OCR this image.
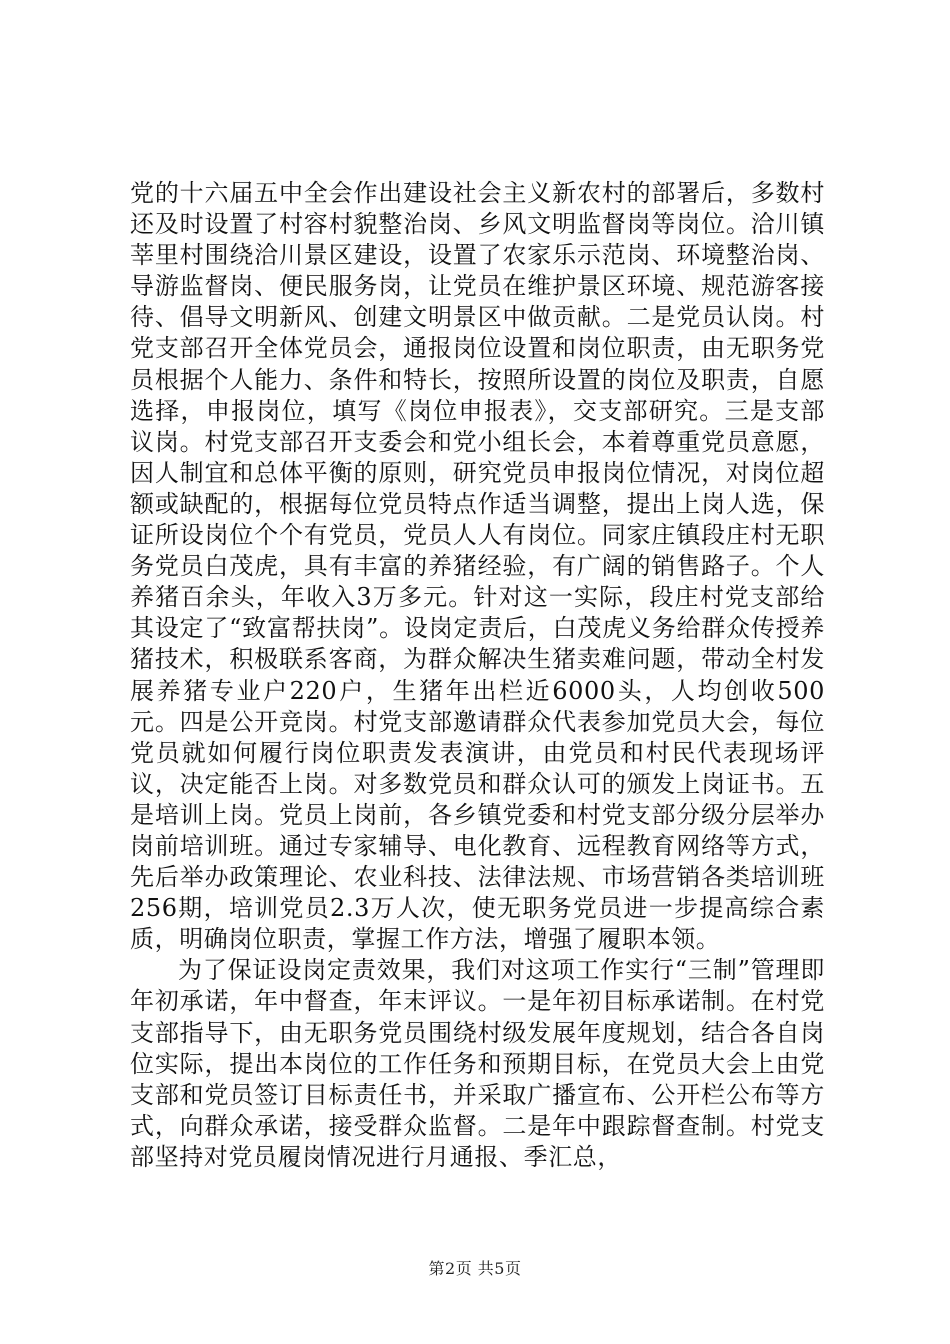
党的十六届五中全会作出建设社会主义新农村的部署后，多数村还及时设置了村容村貌整治岗、乡风文明监督岗等岗位。洽川镇莘里村围绕洽川景区建设，设置了农家乐示范岗、环境整治岗、导游监督岗、便民服务岗，让党员在维护景区环境、规范游客接待、倡导文明新风、创建文明景区中做贡献。二是党员认岗。村党支部召开全体党员会，通报岗位设置和岗位职责，由无职务党员根据个人能力、条件和特长，按照所设置的岗位及职责，自愿选择，申报岗位，填写《岗位申报表》，交支部研究。三是支部议岗。村党支部召开支委会和党小组长会，本着尊重党员意愿，因人制宜和总体平衡的原则，研究党员申报岗位情况，对岗位超额或缺配的，根据每位党员特点作适当调整，提出上岗人选，保证所设岗位个个有党员，党员人人有岗位。同家庄镇段庄村无职务党员白茂虎，具有丰富的养猪经验，有广阔的销售路子。个人养猪百余头，年收入3万多元。针对这一实际，段庄村党支部给其设定了“致富帮扶岗”。设岗定责后，白茂虎义务给群众传授养猪技术，积极联系客商，为群众解决生猪卖难问题，带动全村发展养猪专业户220户，生猪年出栏近6000头，人均创收500元。四是公开竞岗。村党支部邀请群众代表参加党员大会，每位党员就如何履行岗位职责发表演讲，由党员和村民代表现场评议，决定能否上岗。对多数党员和群众认可的颁发上岗证书。五是培训上岗。党员上岗前，各乡镇党委和村党支部分级分层举办岗前培训班。通过专家辅导、电化教育、远程教育网络等方式，先后举办政策理论、农业科技、法律法规、市场营销各类培训班256期，培训党员2.3万人次，使无职务党员进一步提高综合素质，明确岗位职责，掌握工作方法，增强了履职本领。

为了保证设岗定责效果，我们对这项工作实行“三制”管理即年初承诺，年中督查，年末评议。一是年初目标承诺制。在村党支部指导下，由无职务党员围绕村级发展年度规划，结合各自岗位实际，提出本岗位的工作任务和预期目标，在党员大会上由党支部和党员签订目标责任书，并采取广播宣布、公开栏公布等方式，向群众承诺，接受群众监督。二是年中跟踪督查制。村党支部坚持对党员履岗情况进行月通报、季汇总，

第2页 共5页
